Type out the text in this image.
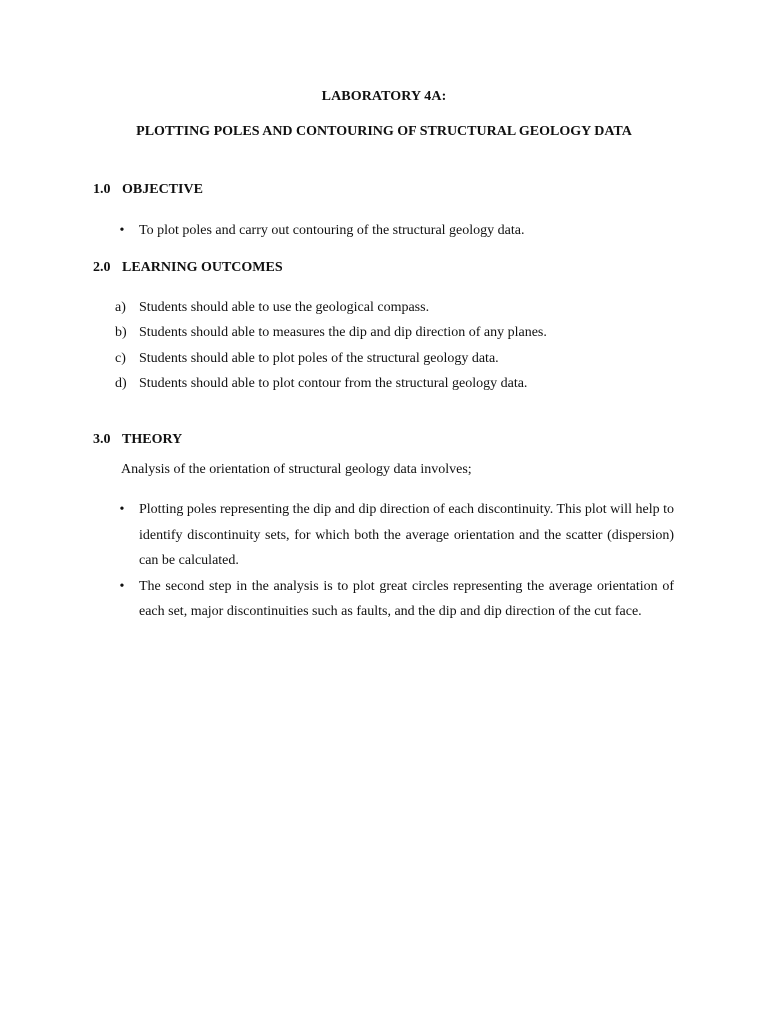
LABORATORY 4A:
PLOTTING POLES AND CONTOURING OF STRUCTURAL GEOLOGY DATA
1.0 OBJECTIVE
• To plot poles and carry out contouring of the structural geology data.
2.0 LEARNING OUTCOMES
a) Students should able to use the geological compass.
b) Students should able to measures the dip and dip direction of any planes.
c) Students should able to plot poles of the structural geology data.
d) Students should able to plot contour from the structural geology data.
3.0 THEORY

Analysis of the orientation of structural geology data involves;

• Plotting poles representing the dip and dip direction of each discontinuity. This plot will help to identify discontinuity sets, for which both the average orientation and the scatter (dispersion) can be calculated.
• The second step in the analysis is to plot great circles representing the average orientation of each set, major discontinuities such as faults, and the dip and dip direction of the cut face.
